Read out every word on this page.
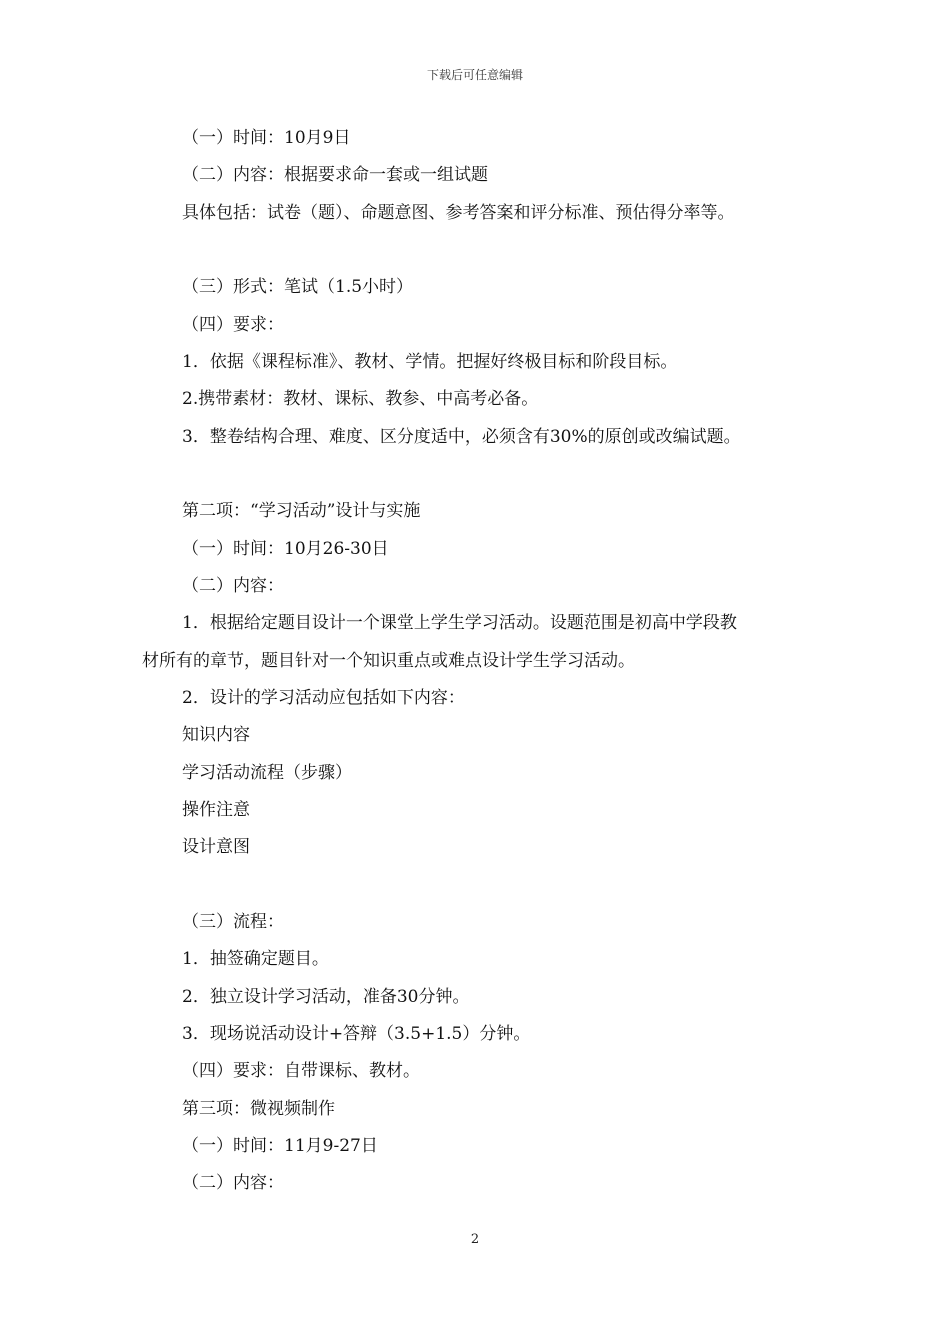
下载后可任意编辑
（一）时间：10月9日
（二）内容：根据要求命一套或一组试题
具体包括：试卷（题）、命题意图、参考答案和评分标准、预估得分率等。
（三）形式：笔试（1.5小时）
（四）要求：
1．依据《课程标准》、教材、学情。把握好终极目标和阶段目标。
2.携带素材：教材、课标、教参、中高考必备。
3．整卷结构合理、难度、区分度适中，必须含有30%的原创或改编试题。
第二项：“学习活动”设计与实施
（一）时间：10月26-30日
（二）内容：
1．根据给定题目设计一个课堂上学生学习活动。设题范围是初高中学段教
材所有的章节，题目针对一个知识重点或难点设计学生学习活动。
2．设计的学习活动应包括如下内容：
知识内容
学习活动流程（步骤）
操作注意
设计意图
（三）流程：
1．抽签确定题目。
2．独立设计学习活动，准备30分钟。
3．现场说活动设计+答辩（3.5+1.5）分钟。
（四）要求：自带课标、教材。
第三项：微视频制作
（一）时间：11月9-27日
（二）内容：
2
